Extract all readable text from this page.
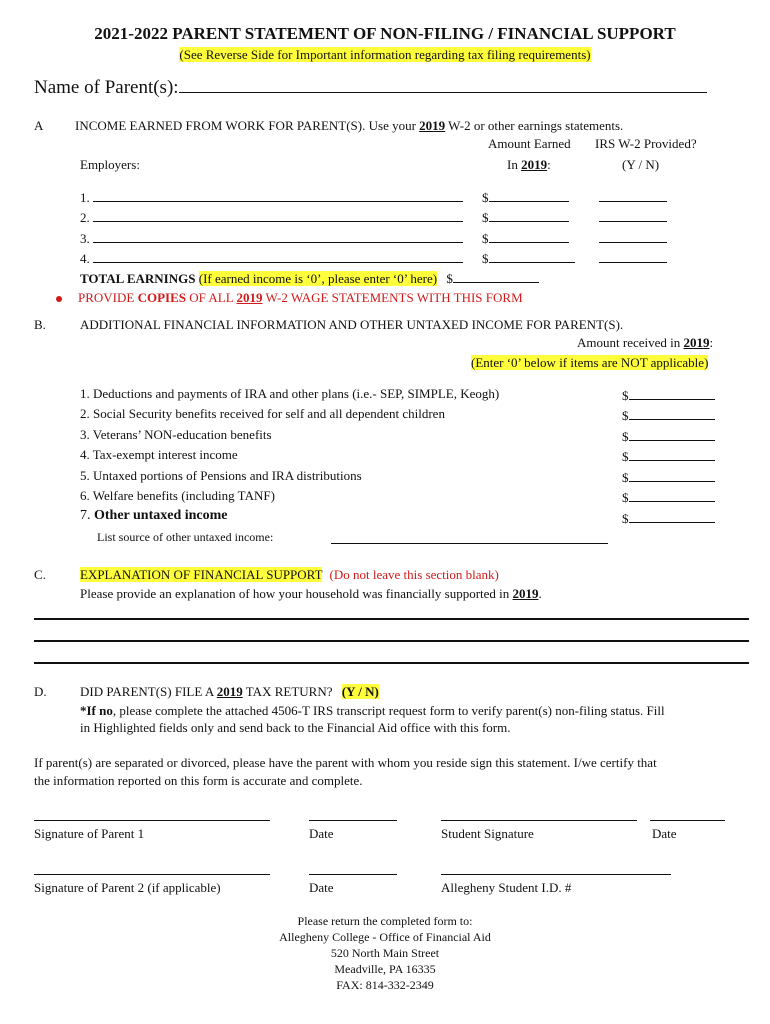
2021-2022 PARENT STATEMENT OF NON-FILING / FINANCIAL SUPPORT
(See Reverse Side for Important information regarding tax filing requirements)
Name of Parent(s):
A INCOME EARNED FROM WORK FOR PARENT(S). Use your 2019 W-2 or other earnings statements.
Amount Earned IRS W-2 Provided?
Employers:	In 2019:	(Y / N)
1.	$
2.	$
3.	$
4.	$
TOTAL EARNINGS (If earned income is ‘0’, please enter ‘0’ here) $
PROVIDE COPIES OF ALL 2019 W-2 WAGE STATEMENTS WITH THIS FORM
B.	ADDITIONAL FINANCIAL INFORMATION AND OTHER UNTAXED INCOME FOR PARENT(S).
Amount received in 2019:
(Enter ‘0’ below if items are NOT applicable)
1. Deductions and payments of IRA and other plans (i.e.- SEP, SIMPLE, Keogh)	$
2. Social Security benefits received for self and all dependent children	$
3. Veterans’ NON-education benefits	$
4. Tax-exempt interest income	$
5. Untaxed portions of Pensions and IRA distributions	$
6. Welfare benefits (including TANF)	$
7. Other untaxed income	$
List source of other untaxed income:
C.	EXPLANATION OF FINANCIAL SUPPORT (Do not leave this section blank)
Please provide an explanation of how your household was financially supported in 2019.
D.	DID PARENT(S) FILE A 2019 TAX RETURN? (Y / N)
*If no, please complete the attached 4506-T IRS transcript request form to verify parent(s) non-filing status. Fill
in Highlighted fields only and send back to the Financial Aid office with this form.
If parent(s) are separated or divorced, please have the parent with whom you reside sign this statement. I/we certify that
the information reported on this form is accurate and complete.
Signature of Parent 1	Date	Student Signature	Date
Signature of Parent 2 (if applicable)	Date	Allegheny Student I.D. #
Please return the completed form to:
Allegheny College - Office of Financial Aid
520 North Main Street
Meadville, PA 16335
FAX: 814-332-2349
